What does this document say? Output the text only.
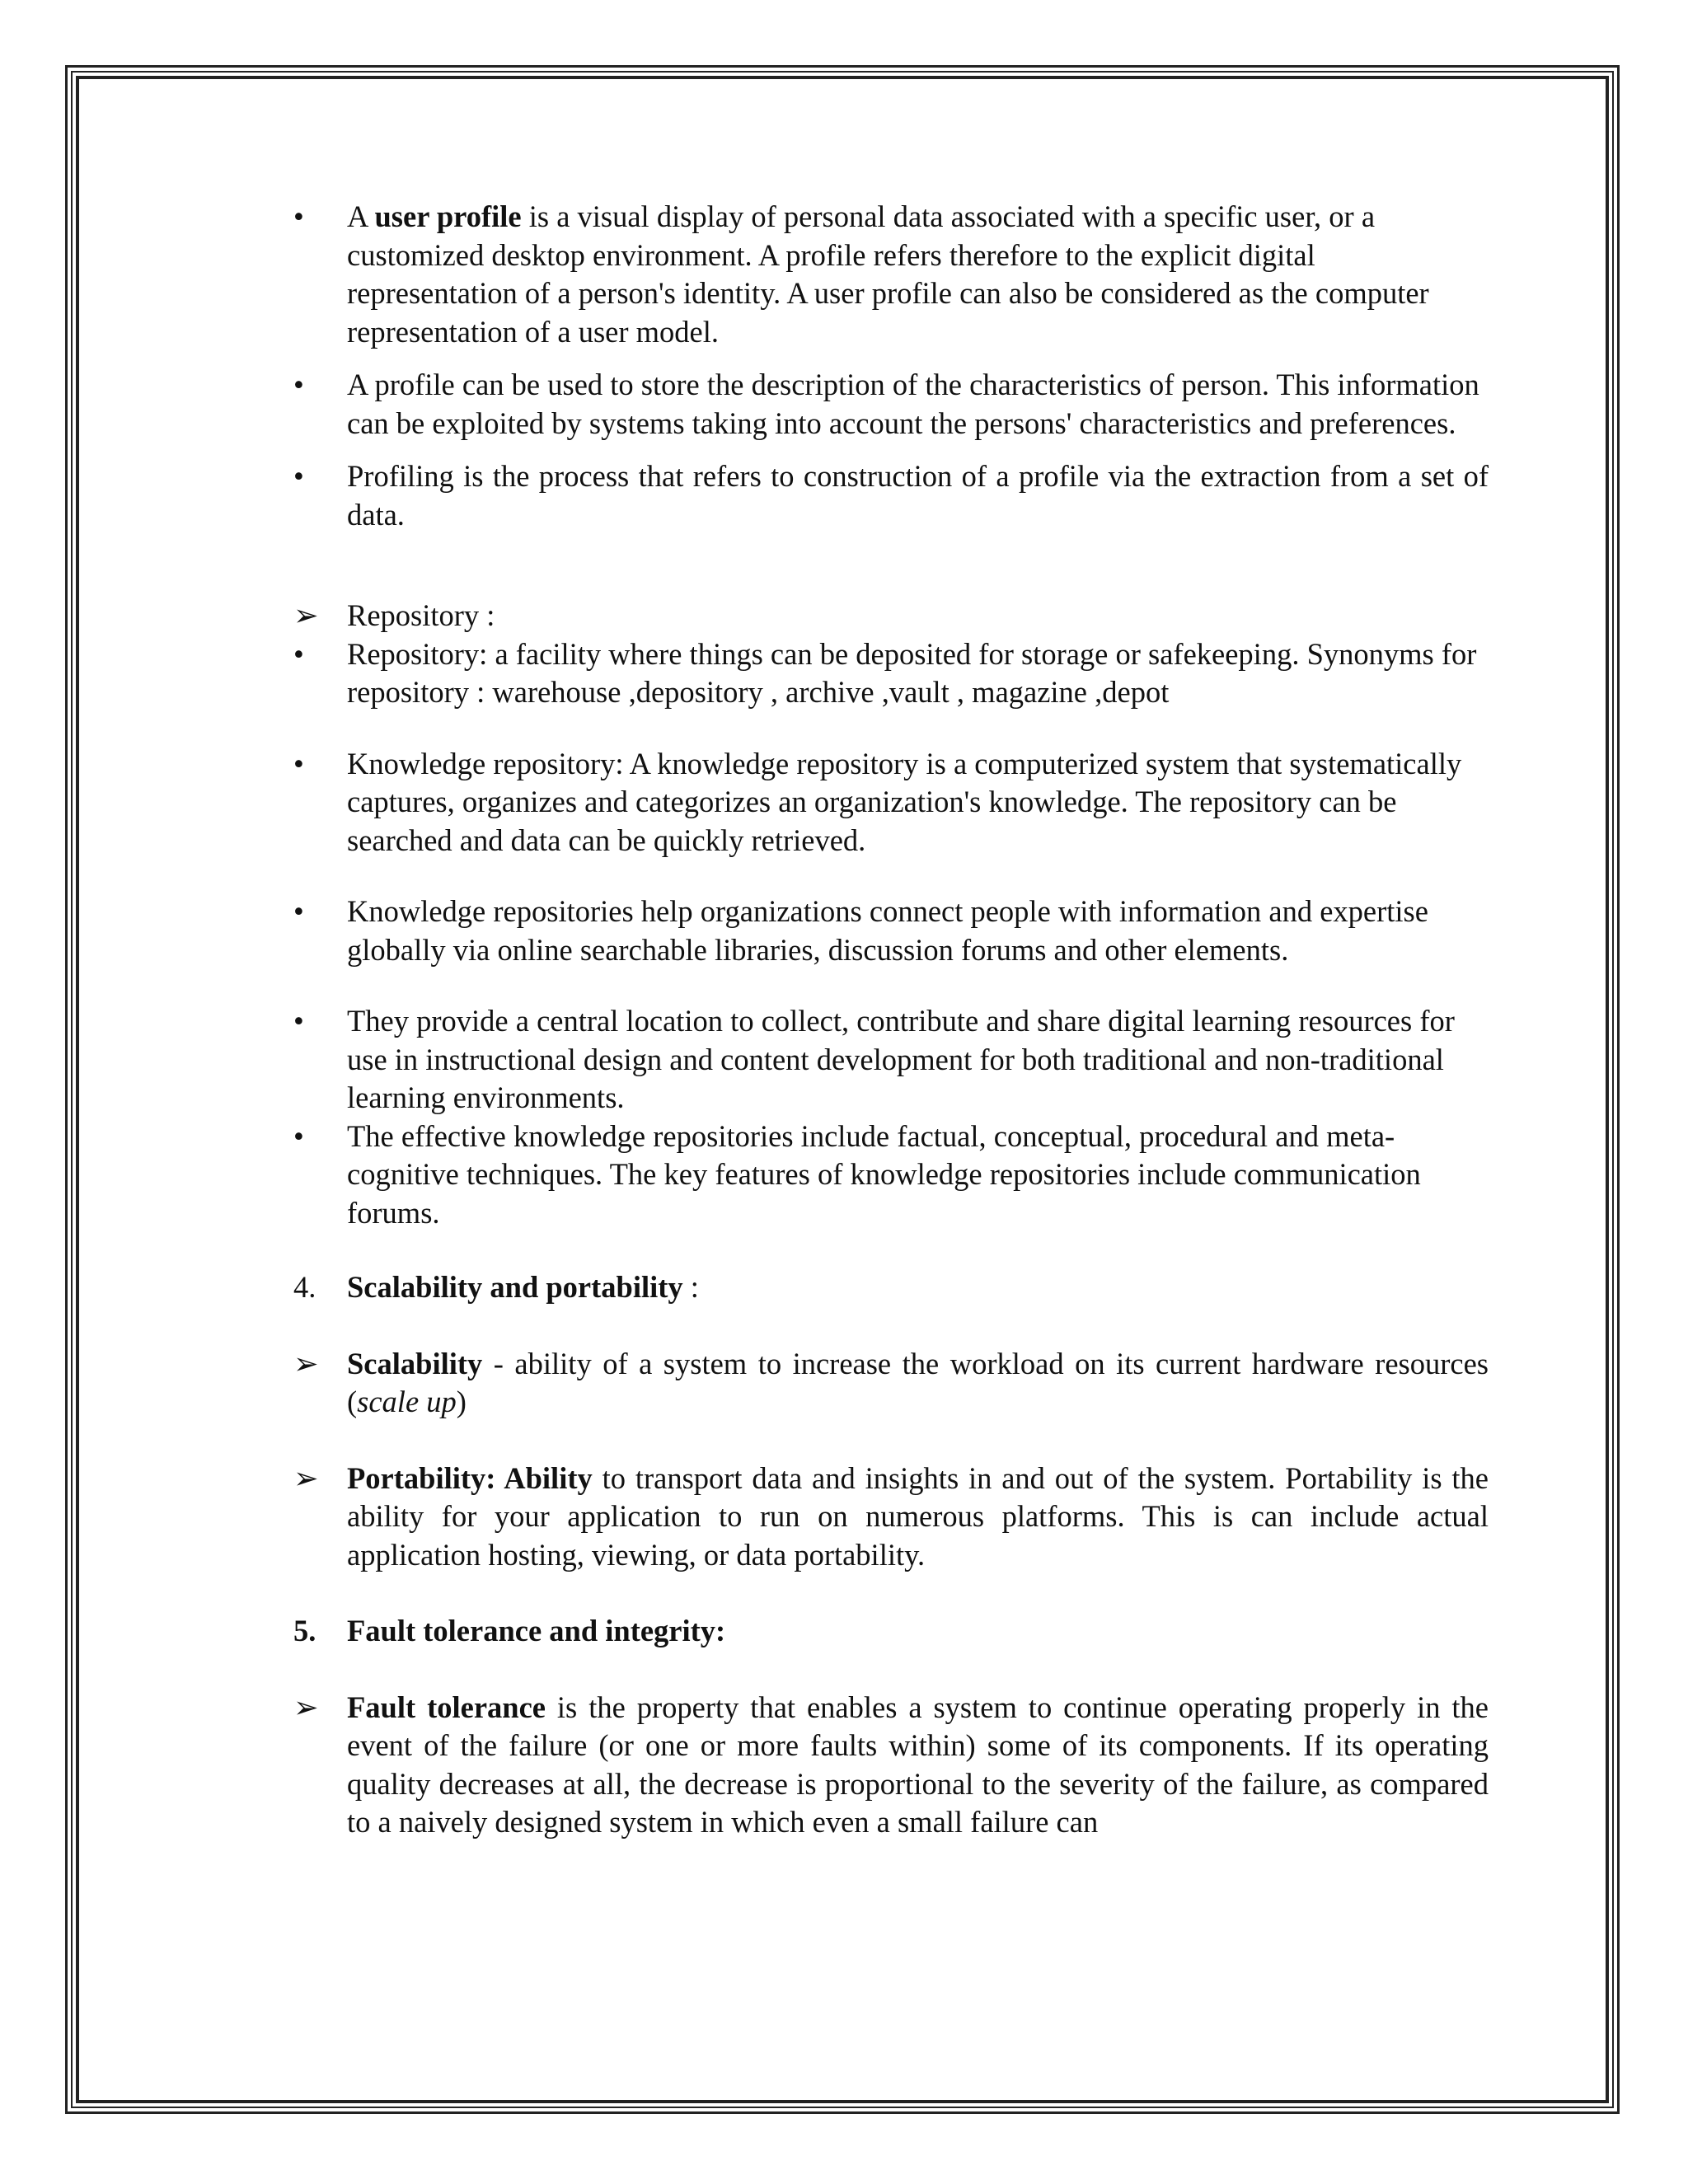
•	A user profile is a visual display of personal data associated with a specific user, or a customized desktop environment. A profile refers therefore to the explicit digital representation of a person's identity. A user profile can also be considered as the computer representation of a user model.

•	A profile can be used to store the description of the characteristics of person. This information can be exploited by systems taking into account the persons' characteristics and preferences.

•	Profiling is the process that refers to construction of a profile via the extraction from a set of data.

➢ Repository :

•	Repository: a facility where things can be deposited for storage or safekeeping. Synonyms for repository : warehouse ,depository , archive ,vault , magazine ,depot

•	Knowledge repository: A knowledge repository is a computerized system that systematically captures, organizes and categorizes an organization's knowledge. The repository can be searched and data can be quickly retrieved.

•	Knowledge repositories help organizations connect people with information and expertise globally via online searchable libraries, discussion forums and other elements.

•	They provide a central location to collect, contribute and share digital learning resources for use in instructional design and content development for both traditional and non-traditional learning environments.

•	The effective knowledge repositories include factual, conceptual, procedural and meta-cognitive techniques. The key features of knowledge repositories include communication forums.

4. Scalability and portability :

➢ Scalability - ability of a system to increase the workload on its current hardware resources (scale up)

➢ Portability: Ability to transport data and insights in and out of the system. Portability is the ability for your application to run on numerous platforms. This is can include actual application hosting, viewing, or data portability.

5. Fault tolerance and integrity:

➢ Fault tolerance is the property that enables a system to continue operating properly in the event of the failure (or one or more faults within) some of its components. If its operating quality decreases at all, the decrease is proportional to the severity of the failure, as compared to a naively designed system in which even a small failure can
